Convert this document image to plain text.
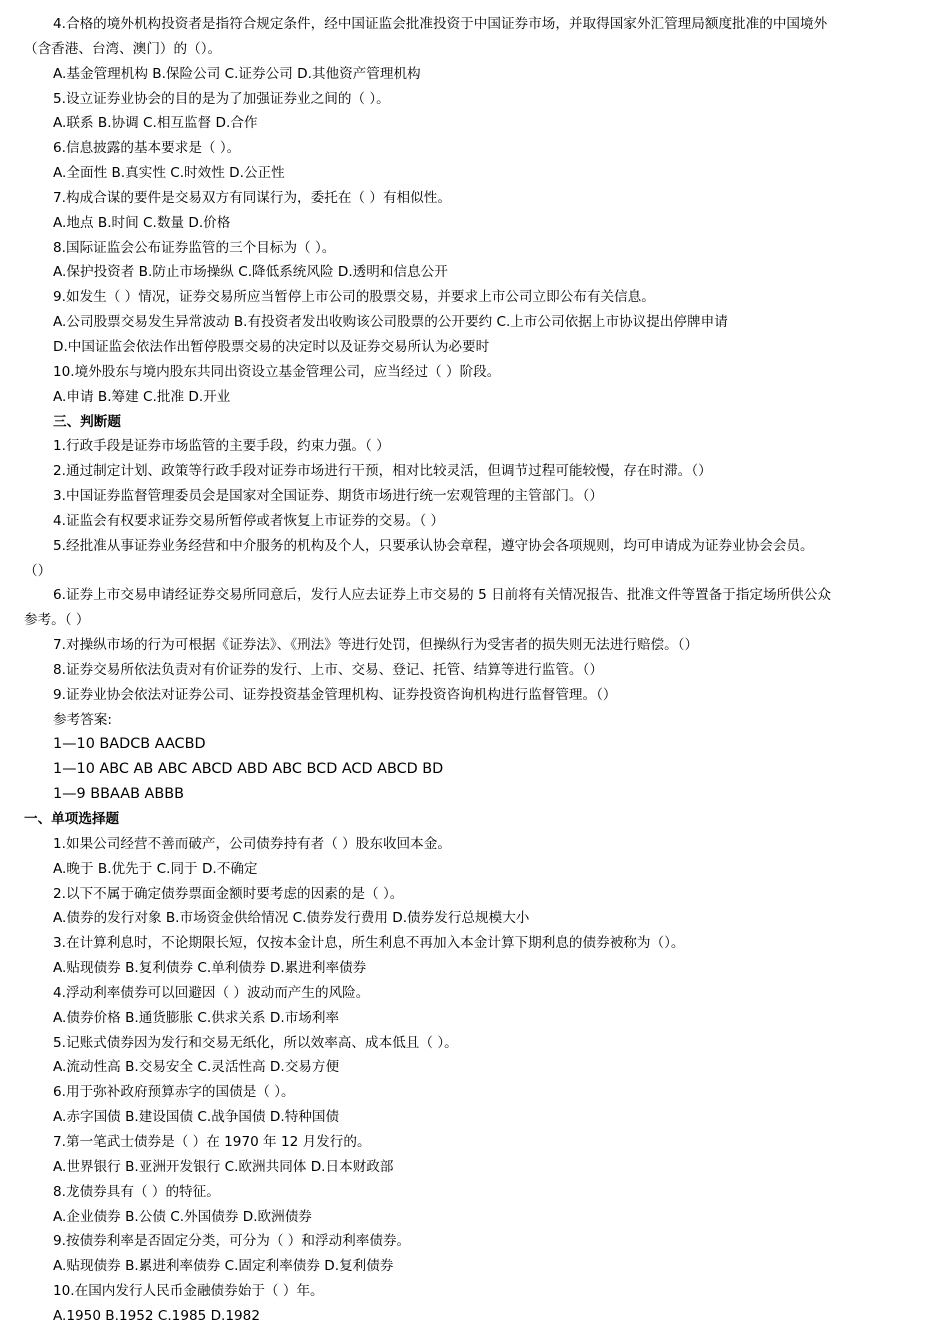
4.合格的境外机构投资者是指符合规定条件，经中国证监会批准投资于中国证券市场，并取得国家外汇管理局额度批准的中国境外
（含香港、台湾、澳门）的（）。
A.基金管理机构 B.保险公司 C.证券公司 D.其他资产管理机构
5.设立证券业协会的目的是为了加强证券业之间的（ ）。
A.联系 B.协调 C.相互监督 D.合作
6.信息披露的基本要求是（ ）。
A.全面性 B.真实性 C.时效性 D.公正性
7.构成合谋的要件是交易双方有同谋行为，委托在（ ）有相似性。
A.地点 B.时间 C.数量 D.价格
8.国际证监会公布证券监管的三个目标为（ ）。
A.保护投资者 B.防止市场操纵 C.降低系统风险 D.透明和信息公开
9.如发生（ ）情况，证券交易所应当暂停上市公司的股票交易，并要求上市公司立即公布有关信息。
A.公司股票交易发生异常波动 B.有投资者发出收购该公司股票的公开要约 C.上市公司依据上市协议提出停牌申请
D.中国证监会依法作出暂停股票交易的决定时以及证券交易所认为必要时
10.境外股东与境内股东共同出资设立基金管理公司，应当经过（ ）阶段。
A.申请 B.筹建 C.批准 D.开业
三、判断题
1.行政手段是证券市场监管的主要手段，约束力强。（ ）
2.通过制定计划、政策等行政手段对证券市场进行干预，相对比较灵活，但调节过程可能较慢，存在时滞。（）
3.中国证券监督管理委员会是国家对全国证券、期货市场进行统一宏观管理的主管部门。（）
4.证监会有权要求证券交易所暂停或者恢复上市证券的交易。（ ）
5.经批准从事证券业务经营和中介服务的机构及个人，只要承认协会章程，遵守协会各项规则，均可申请成为证券业协会会员。
（）
6.证券上市交易申请经证券交易所同意后，发行人应去证券上市交易的 5 日前将有关情况报告、批准文件等置备于指定场所供公众
参考。（ ）
7.对操纵市场的行为可根据《证券法》、《刑法》等进行处罚，但操纵行为受害者的损失则无法进行赔偿。（）
8.证券交易所依法负责对有价证券的发行、上市、交易、登记、托管、结算等进行监管。（）
9.证券业协会依法对证券公司、证券投资基金管理机构、证券投资咨询机构进行监督管理。（）
参考答案:
1—10 BADCB AACBD
1—10 ABC AB ABC ABCD ABD ABC BCD ACD ABCD BD
1—9 BBAAB ABBB
一、单项选择题
1.如果公司经营不善而破产，公司债券持有者（ ）股东收回本金。
A.晚于 B.优先于 C.同于 D.不确定
2.以下不属于确定债券票面金额时要考虑的因素的是（ ）。
A.债券的发行对象 B.市场资金供给情况 C.债券发行费用 D.债券发行总规模大小
3.在计算利息时，不论期限长短，仅按本金计息，所生利息不再加入本金计算下期利息的债券被称为（）。
A.贴现债券 B.复利债券 C.单利债券 D.累进利率债券
4.浮动利率债券可以回避因（ ）波动而产生的风险。
A.债券价格 B.通货膨胀 C.供求关系 D.市场利率
5.记账式债券因为发行和交易无纸化，所以效率高、成本低且（ ）。
A.流动性高 B.交易安全 C.灵活性高 D.交易方便
6.用于弥补政府预算赤字的国债是（ ）。
A.赤字国债 B.建设国债 C.战争国债 D.特种国债
7.第一笔武士债券是（ ）在 1970 年 12 月发行的。
A.世界银行 B.亚洲开发银行 C.欧洲共同体 D.日本财政部
8.龙债券具有（ ）的特征。
A.企业债券 B.公债 C.外国债券 D.欧洲债券
9.按债券利率是否固定分类，可分为（ ）和浮动利率债券。
A.贴现债券 B.累进利率债券 C.固定利率债券 D.复利债券
10.在国内发行人民币金融债券始于（ ）年。
A.1950 B.1952 C.1985 D.1982
